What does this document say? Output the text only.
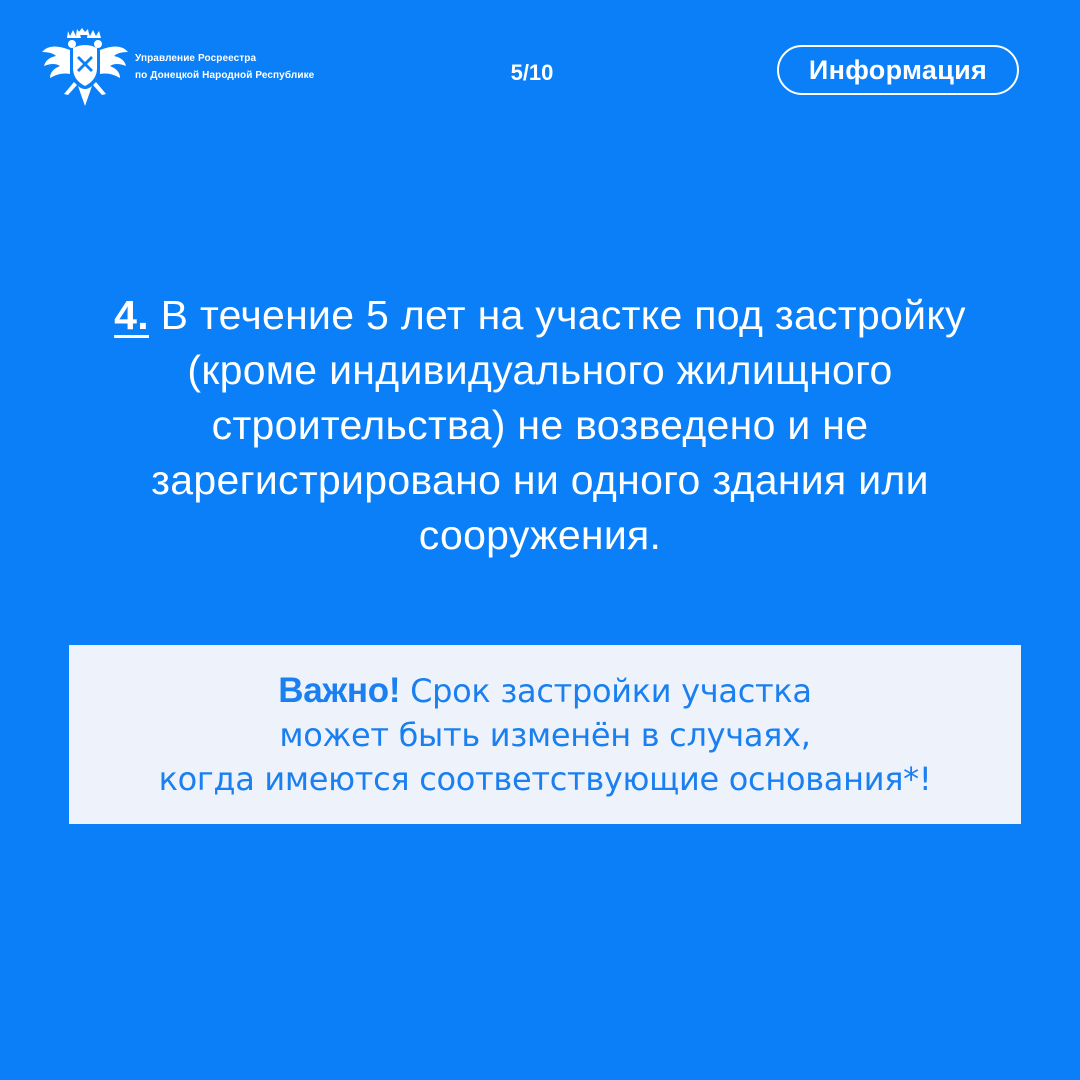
Управление Росреестра
по Донецкой Народной Республике	5/10	Информация
4. В течение 5 лет на участке под застройку
(кроме индивидуального жилищного
строительства) не возведено и не
зарегистрировано ни одного здания или
сооружения.
Важно! Срок застройки участка
может быть изменён в случаях,
когда имеются соответствующие основания*!
